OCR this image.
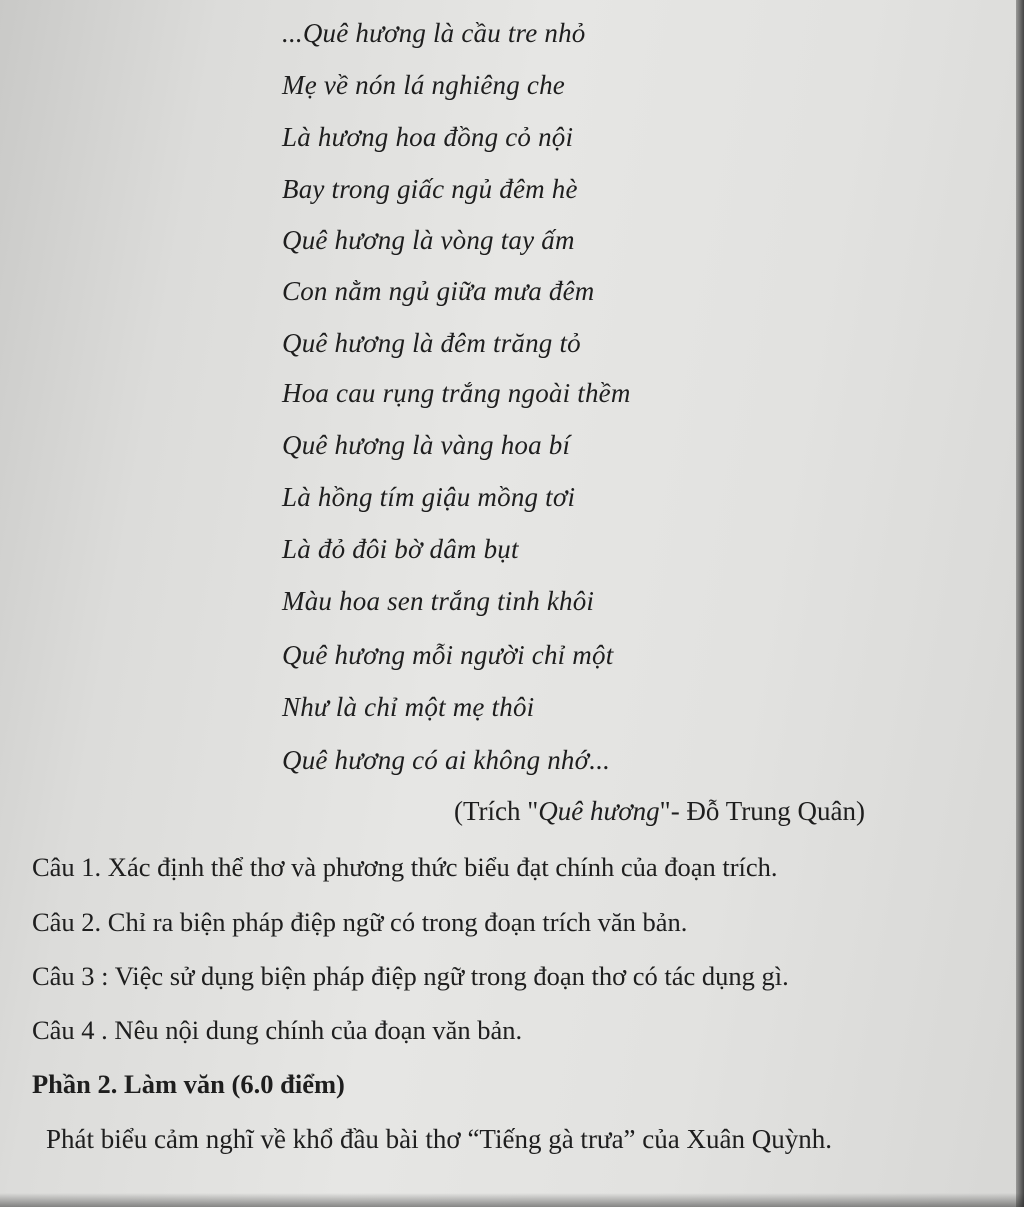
...Quê hương là cầu tre nhỏ
Mẹ về nón lá nghiêng che
Là hương hoa đồng cỏ nội
Bay trong giấc ngủ đêm hè
Quê hương là vòng tay ấm
Con nằm ngủ giữa mưa đêm
Quê hương là đêm trăng tỏ
Hoa cau rụng trắng ngoài thềm
Quê hương là vàng hoa bí
Là hồng tím giậu mồng tơi
Là đỏ đôi bờ dâm bụt
Màu hoa sen trắng tinh khôi
Quê hương mỗi người chỉ một
Như là chỉ một mẹ thôi
Quê hương có ai không nhớ...
(Trích "Quê hương"- Đỗ Trung Quân)
Câu 1. Xác định thể thơ và phương thức biểu đạt chính của đoạn trích.
Câu 2. Chỉ ra biện pháp điệp ngữ có trong đoạn trích văn bản.
Câu 3 : Việc sử dụng biện pháp điệp ngữ trong đoạn thơ có tác dụng gì.
Câu 4 . Nêu nội dung chính của đoạn văn bản.
Phần 2. Làm văn (6.0 điểm)
Phát biểu cảm nghĩ về khổ đầu bài thơ “Tiếng gà trưa” của Xuân Quỳnh.
